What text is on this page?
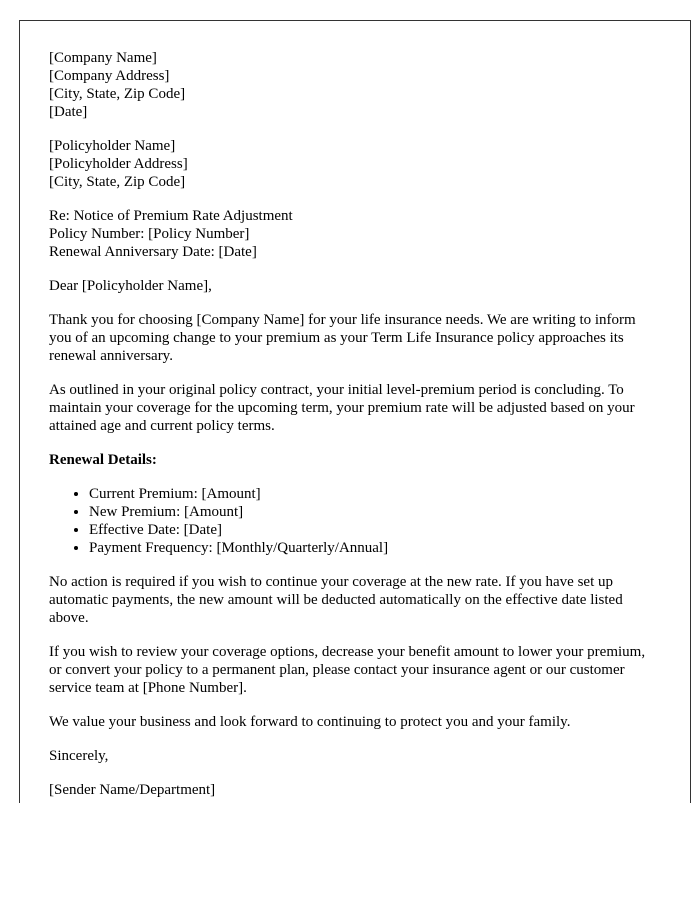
[Company Name]
[Company Address]
[City, State, Zip Code]
[Date]

[Policyholder Name]
[Policyholder Address]
[City, State, Zip Code]

Re: Notice of Premium Rate Adjustment
Policy Number: [Policy Number]
Renewal Anniversary Date: [Date]

Dear [Policyholder Name],

Thank you for choosing [Company Name] for your life insurance needs. We are writing to inform you of an upcoming change to your premium as your Term Life Insurance policy approaches its renewal anniversary.

As outlined in your original policy contract, your initial level-premium period is concluding. To maintain your coverage for the upcoming term, your premium rate will be adjusted based on your attained age and current policy terms.

Renewal Details:

• Current Premium: [Amount]
• New Premium: [Amount]
• Effective Date: [Date]
• Payment Frequency: [Monthly/Quarterly/Annual]

No action is required if you wish to continue your coverage at the new rate. If you have set up automatic payments, the new amount will be deducted automatically on the effective date listed above.

If you wish to review your coverage options, decrease your benefit amount to lower your premium, or convert your policy to a permanent plan, please contact your insurance agent or our customer service team at [Phone Number].

We value your business and look forward to continuing to protect you and your family.

Sincerely,

[Sender Name/Department]
